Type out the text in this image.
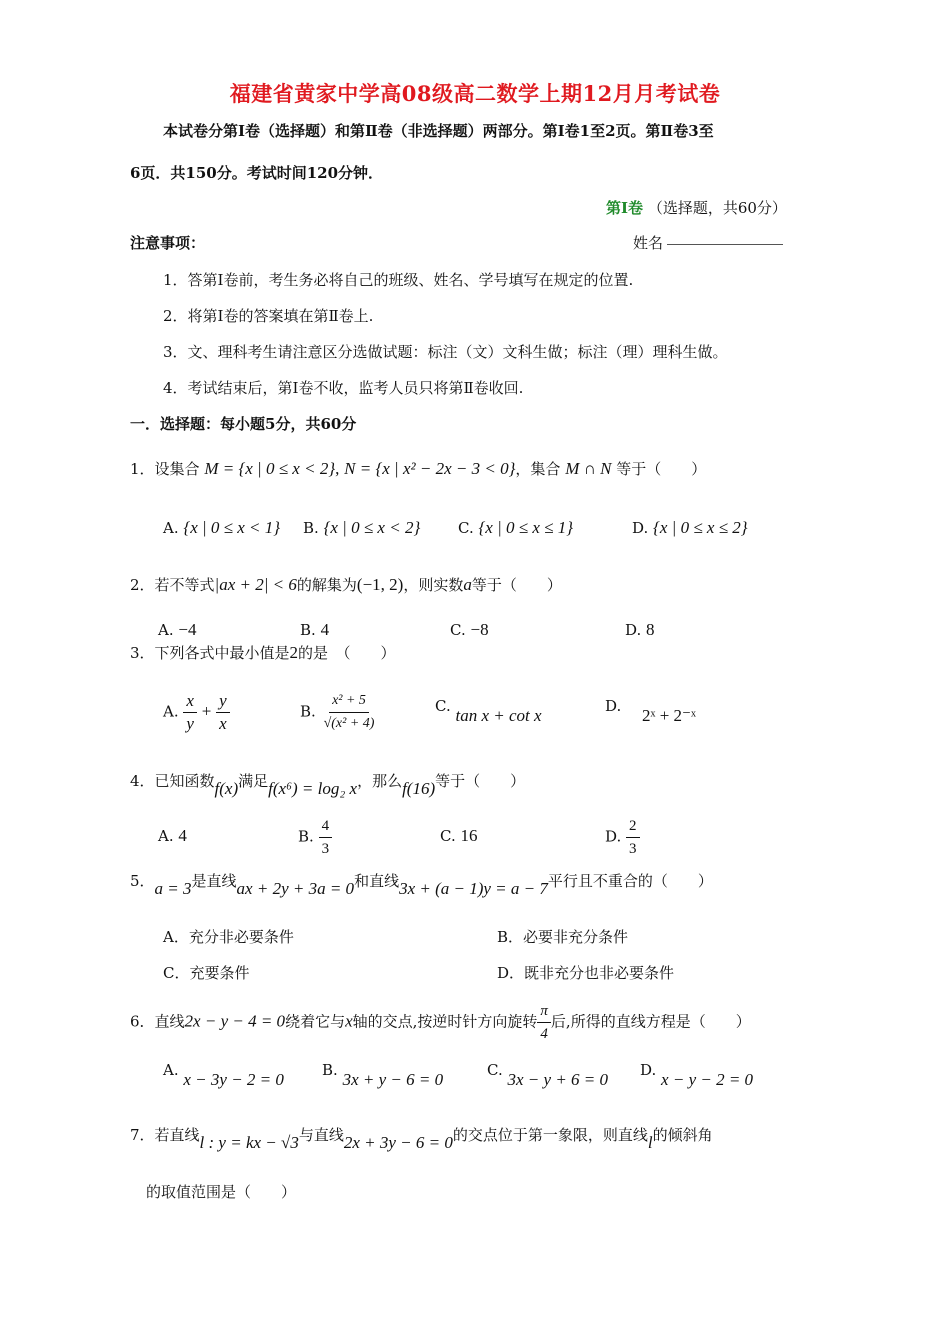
福建省黄家中学高08级高二数学上期12月月考试卷
本试卷分第Ⅰ卷（选择题）和第Ⅱ卷（非选择题）两部分。第Ⅰ卷1至2页。第Ⅱ卷3至
6页．共150分。考试时间120分钟．
第Ⅰ卷 （选择题，共60分）
注意事项：	姓名
1．答第Ⅰ卷前，考生务必将自己的班级、姓名、学号填写在规定的位置.
2．将第Ⅰ卷的答案填在第Ⅱ卷上.
3．文、理科考生请注意区分选做试题：标注（文）文科生做；标注（理）理科生做。
4．考试结束后，第Ⅰ卷不收，监考人员只将第Ⅱ卷收回.
一．选择题：每小题5分，共60分
1．设集合 M = {x | 0 ≤ x < 2}, N = {x | x² − 2x − 3 < 0}，集合 M ∩ N 等于（　　）
A. {x | 0 ≤ x < 1} B. {x | 0 ≤ x < 2}	C. {x | 0 ≤ x ≤ 1}	D. {x | 0 ≤ x ≤ 2}
2．若不等式|ax + 2| < 6的解集为(−1, 2)，则实数a等于（　　）
A. −4	B. 4	C. −8	D. 8
3．下列各式中最小值是2的是　（　　）
A. $\frac{x}{y} + \frac{y}{x}$	B. $\frac{\text{x² + 5}}{\text{√(x² + 4)}}$	C. tan x + cot x	D. 2ˣ + 2⁻ˣ
4．已知函数f(x)满足f(x⁶) = log₂ x，那么f(16)等于（　　）
A. 4	B. $\frac{4}{3}$	C. 16	D. $\frac{2}{3}$
5．a = 3是直线ax + 2y + 3a = 0和直线3x + (a − 1)y = a − 7平行且不重合的（　　）
A．充分非必要条件	B．必要非充分条件
C．充要条件	D．既非充分也非必要条件
6．直线2x − y − 4 = 0绕着它与x轴的交点,按逆时针方向旋转 $\frac{\pi}{4}$ 后,所得的直线方程是（　　）
A. x − 3y − 2 = 0	B. 3x + y − 6 = 0	C. 3x − y + 6 = 0 D. x − y − 2 = 0
7．若直线l : y = kx − √3与直线2x + 3y − 6 = 0的交点位于第一象限，则直线l的倾斜角
的取值范围是（　　）
